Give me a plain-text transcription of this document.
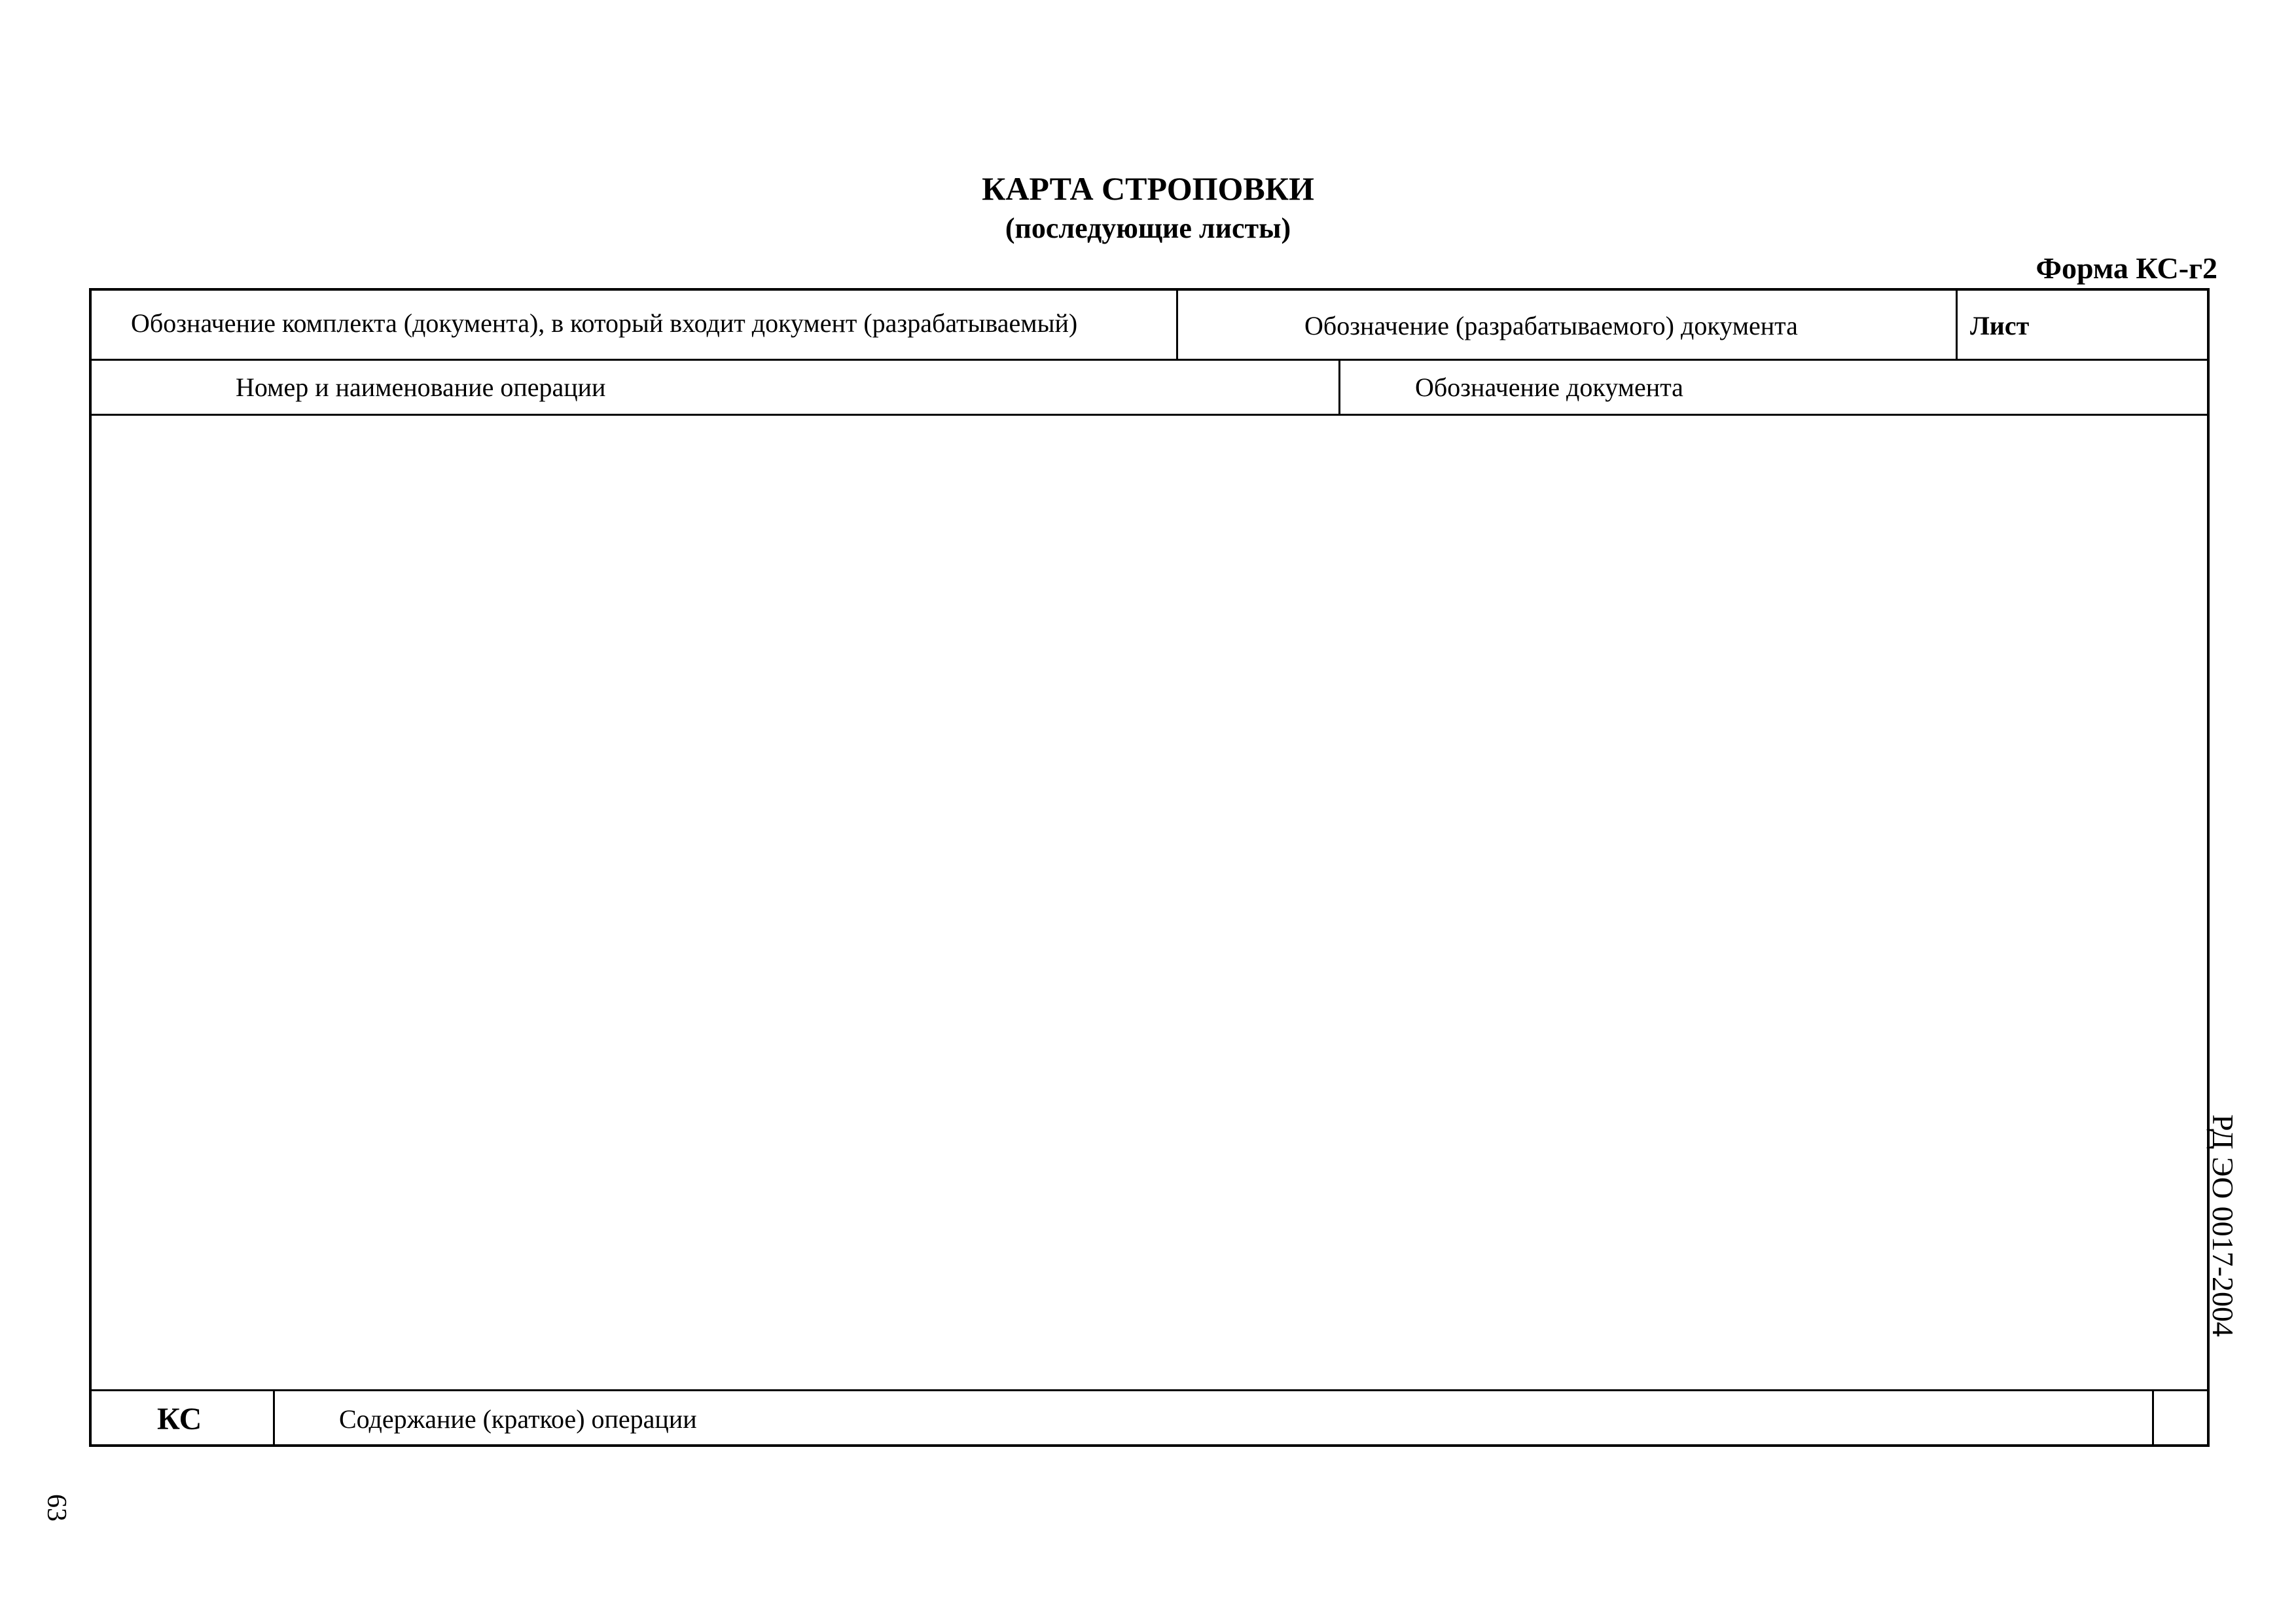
КАРТА СТРОПОВКИ
(последующие листы)
Форма КС-г2
Обозначение комплекта (документа), в который входит документ (разрабатываемый)	Обозначение (разрабатываемого) документа	Лист
Номер и наименование операции	Обозначение документа
КС	Содержание (краткое) операции
РД ЭО 0017-2004
63
